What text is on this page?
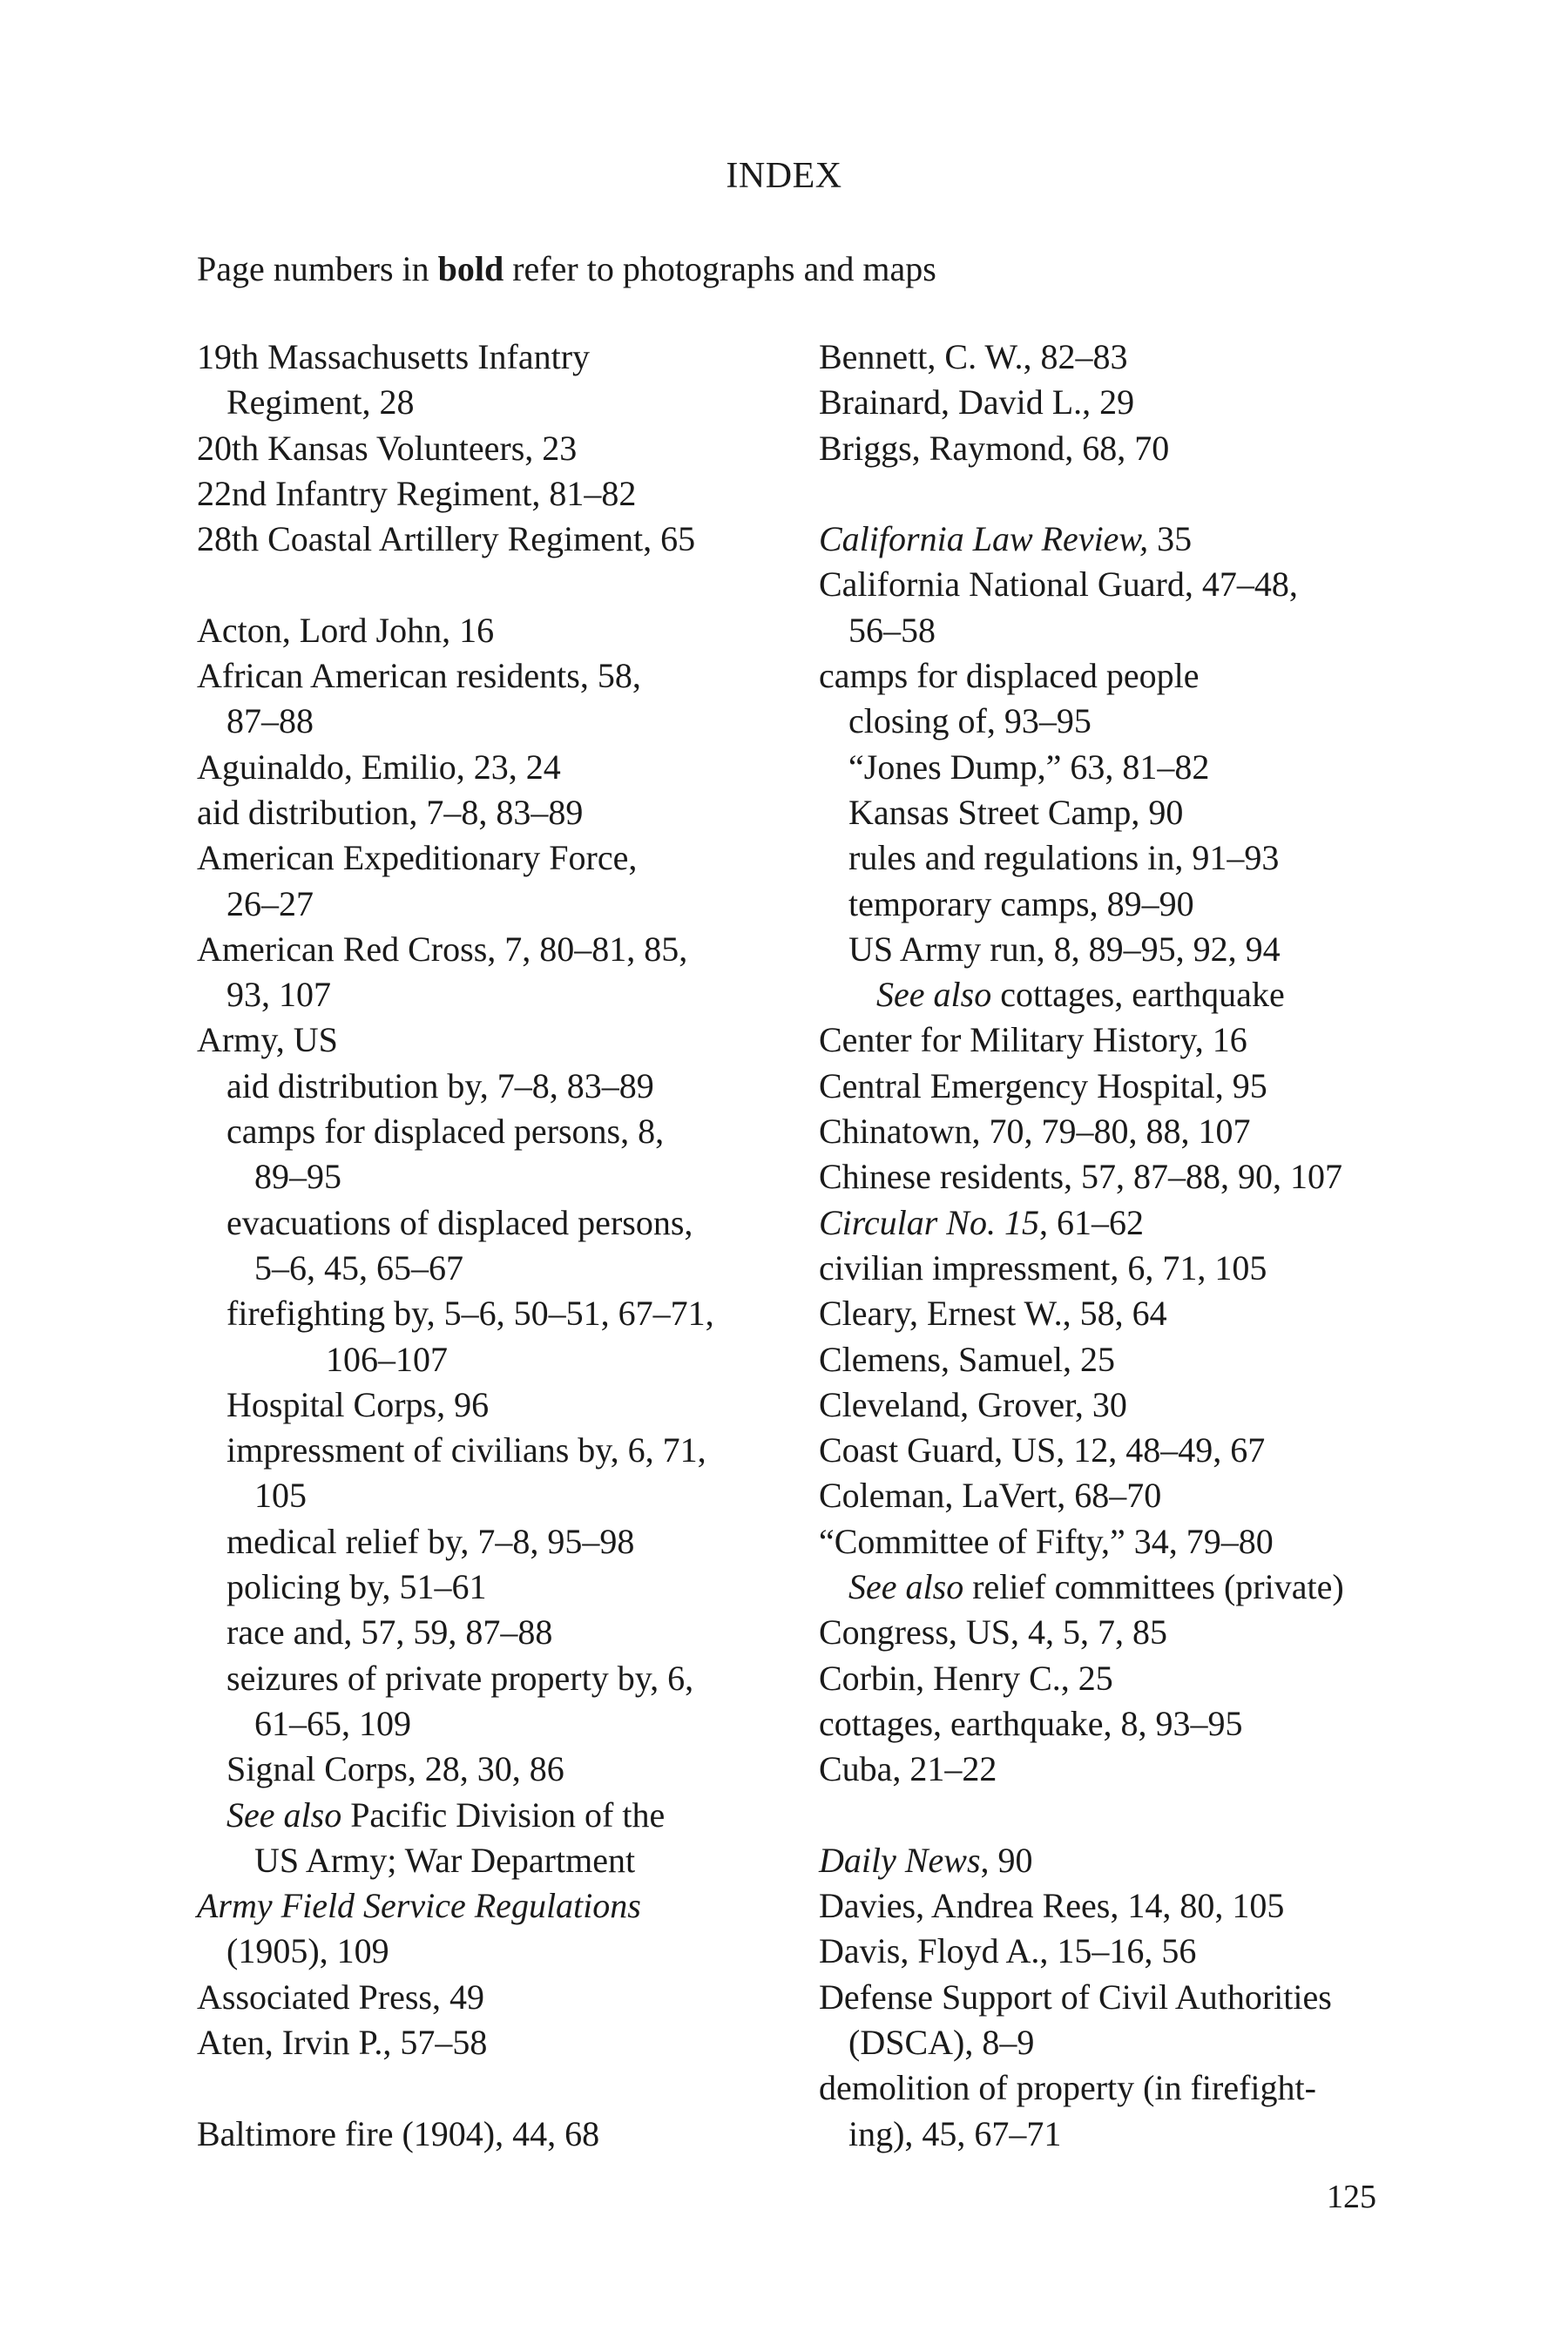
INDEX
Page numbers in bold refer to photographs and maps
19th Massachusetts Infantry
Regiment, 28
20th Kansas Volunteers, 23
22nd Infantry Regiment, 81–82
28th Coastal Artillery Regiment, 65
Acton, Lord John, 16
African American residents, 58,
87–88
Aguinaldo, Emilio, 23, 24
aid distribution, 7–8, 83–89
American Expeditionary Force,
26–27
American Red Cross, 7, 80–81, 85,
93, 107
Army, US
aid distribution by, 7–8, 83–89
camps for displaced persons, 8,
89–95
evacuations of displaced persons,
5–6, 45, 65–67
firefighting by, 5–6, 50–51, 67–71,
106–107
Hospital Corps, 96
impressment of civilians by, 6, 71,
105
medical relief by, 7–8, 95–98
policing by, 51–61
race and, 57, 59, 87–88
seizures of private property by, 6,
61–65, 109
Signal Corps, 28, 30, 86
See also Pacific Division of the
US Army; War Department
Army Field Service Regulations
(1905), 109
Associated Press, 49
Aten, Irvin P., 57–58
Baltimore fire (1904), 44, 68
Bennett, C. W., 82–83
Brainard, David L., 29
Briggs, Raymond, 68, 70
California Law Review, 35
California National Guard, 47–48,
56–58
camps for displaced people
closing of, 93–95
“Jones Dump,” 63, 81–82
Kansas Street Camp, 90
rules and regulations in, 91–93
temporary camps, 89–90
US Army run, 8, 89–95, 92, 94
See also cottages, earthquake
Center for Military History, 16
Central Emergency Hospital, 95
Chinatown, 70, 79–80, 88, 107
Chinese residents, 57, 87–88, 90, 107
Circular No. 15, 61–62
civilian impressment, 6, 71, 105
Cleary, Ernest W., 58, 64
Clemens, Samuel, 25
Cleveland, Grover, 30
Coast Guard, US, 12, 48–49, 67
Coleman, LaVert, 68–70
“Committee of Fifty,” 34, 79–80
See also relief committees (private)
Congress, US, 4, 5, 7, 85
Corbin, Henry C., 25
cottages, earthquake, 8, 93–95
Cuba, 21–22
Daily News, 90
Davies, Andrea Rees, 14, 80, 105
Davis, Floyd A., 15–16, 56
Defense Support of Civil Authorities
(DSCA), 8–9
demolition of property (in firefight-
ing), 45, 67–71
125
